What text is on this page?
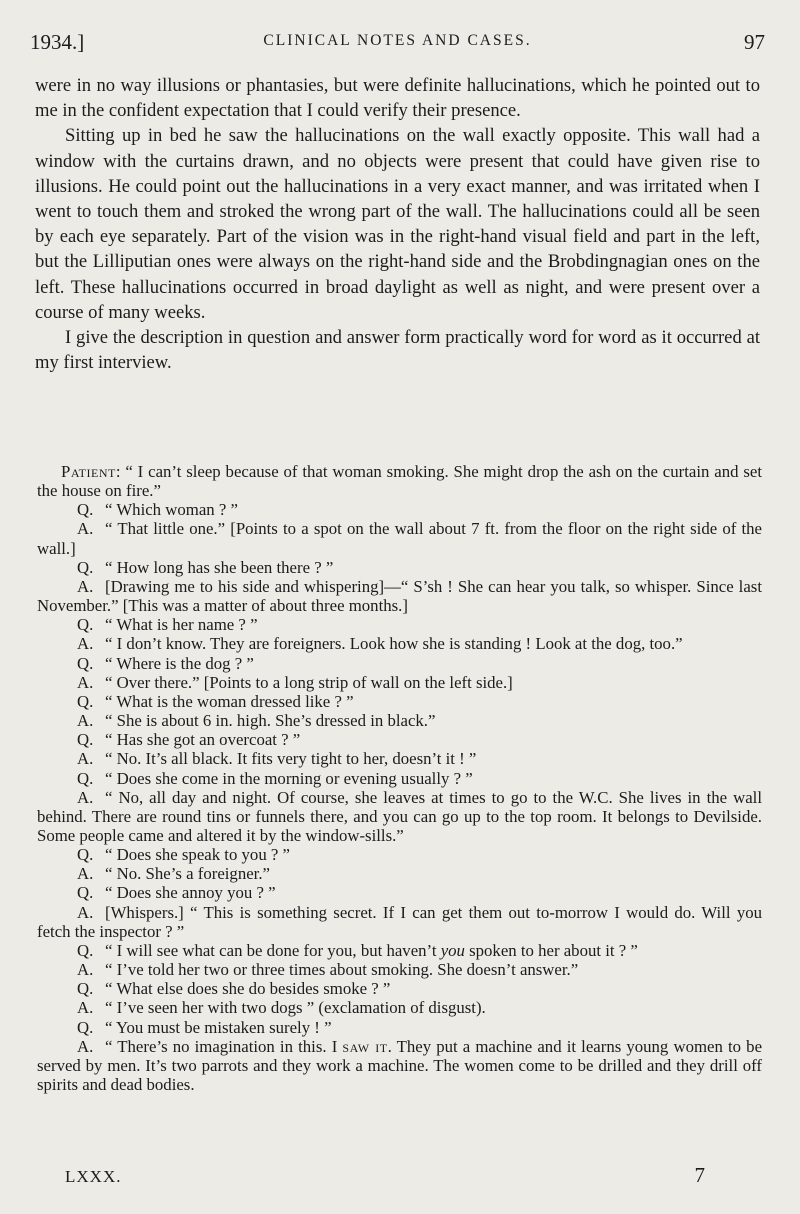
1934.]	CLINICAL NOTES AND CASES.	97

were in no way illusions or phantasies, but were definite hallucinations, which he pointed out to me in the confident expectation that I could verify their presence.

Sitting up in bed he saw the hallucinations on the wall exactly opposite. This wall had a window with the curtains drawn, and no objects were present that could have given rise to illusions. He could point out the hallucinations in a very exact manner, and was irritated when I went to touch them and stroked the wrong part of the wall. The hallucinations could all be seen by each eye separately. Part of the vision was in the right-hand visual field and part in the left, but the Lilliputian ones were always on the right-hand side and the Brobdingnagian ones on the left. These hallucinations occurred in broad daylight as well as night, and were present over a course of many weeks.

I give the description in question and answer form practically word for word as it occurred at my first interview.

Patient: “ I can’t sleep because of that woman smoking. She might drop the ash on the curtain and set the house on fire.”
Q. “ Which woman ? ”
A. “ That little one.” [Points to a spot on the wall about 7 ft. from the floor on the right side of the wall.]
Q. “ How long has she been there ? ”
A. [Drawing me to his side and whispering]—“ S’sh ! She can hear you talk, so whisper. Since last November.” [This was a matter of about three months.]
Q. “ What is her name ? ”
A. “ I don’t know. They are foreigners. Look how she is standing ! Look at the dog, too.”
Q. “ Where is the dog ? ”
A. “ Over there.” [Points to a long strip of wall on the left side.]
Q. “ What is the woman dressed like ? ”
A. “ She is about 6 in. high. She’s dressed in black.”
Q. “ Has she got an overcoat ? ”
A. “ No. It’s all black. It fits very tight to her, doesn’t it ! ”
Q. “ Does she come in the morning or evening usually ? ”
A. “ No, all day and night. Of course, she leaves at times to go to the W.C. She lives in the wall behind. There are round tins or funnels there, and you can go up to the top room. It belongs to Devilside. Some people came and altered it by the window-sills.”
Q. “ Does she speak to you ? ”
A. “ No. She’s a foreigner.”
Q. “ Does she annoy you ? ”
A. [Whispers.] “ This is something secret. If I can get them out to-morrow I would do. Will you fetch the inspector ? ”
Q. “ I will see what can be done for you, but haven’t you spoken to her about it ? ”
A. “ I’ve told her two or three times about smoking. She doesn’t answer.”
Q. “ What else does she do besides smoke ? ”
A. “ I’ve seen her with two dogs ” (exclamation of disgust).
Q. “ You must be mistaken surely ! ”
A. “ There’s no imagination in this. I saw it. They put a machine and it learns young women to be served by men. It’s two parrots and they work a machine. The women come to be drilled and they drill off spirits and dead bodies.
LXXX.	7
